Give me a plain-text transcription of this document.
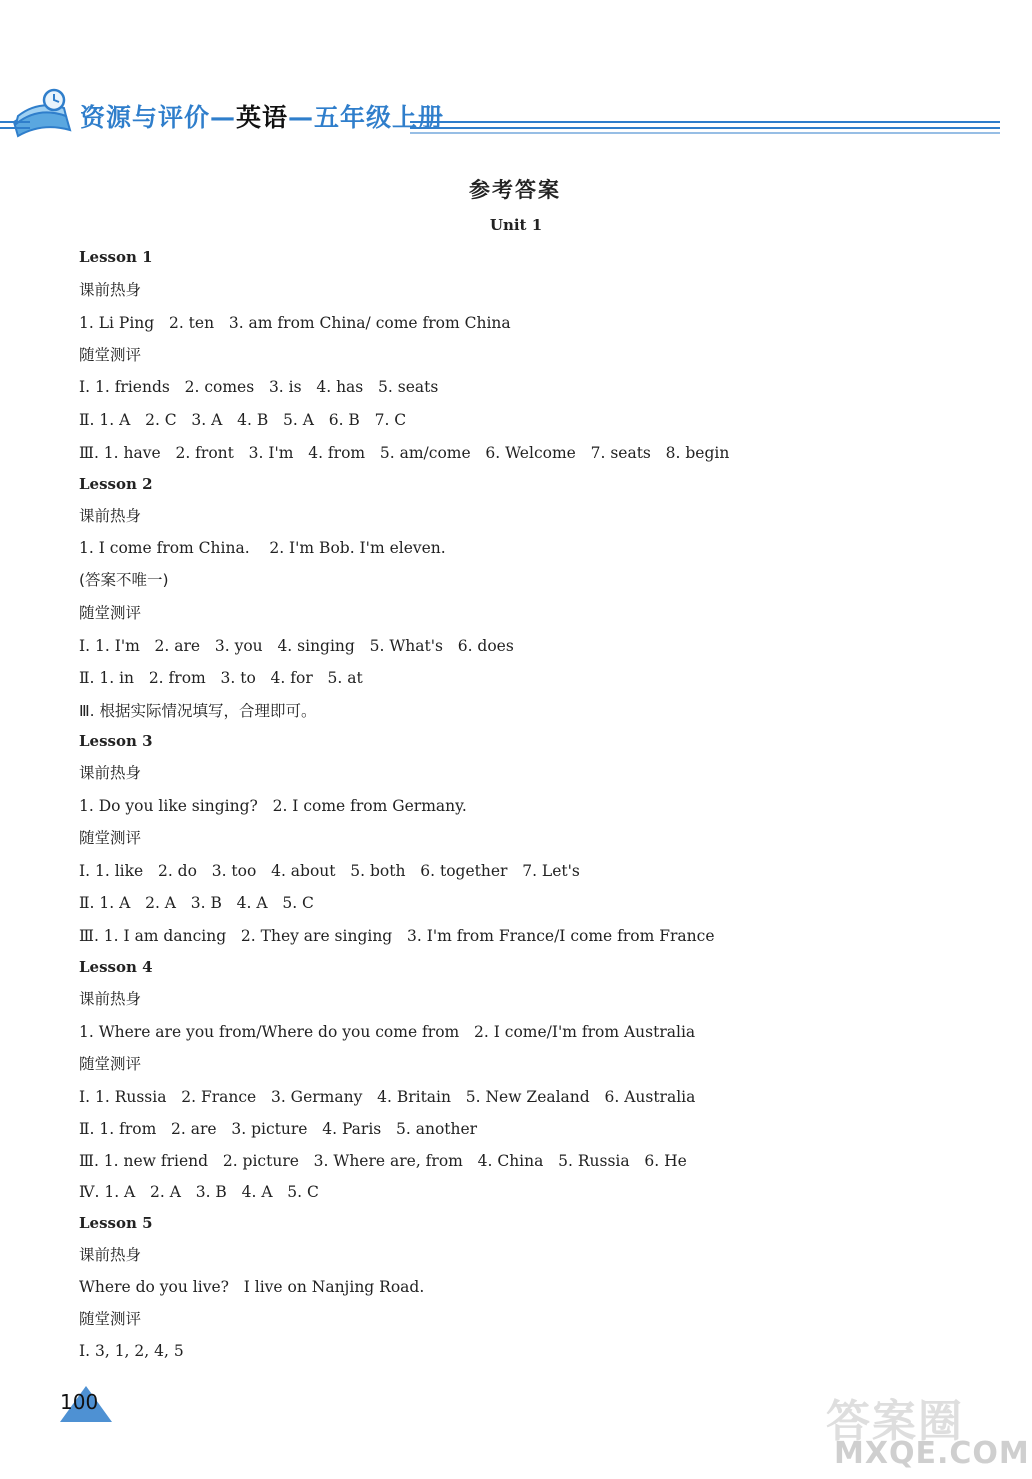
资源与评价—英语—五年级上册
参考答案
Unit 1
Lesson 1
课前热身
1. Li Ping   2. ten   3. am from China/ come from China
随堂测评
Ⅰ. 1. friends   2. comes   3. is   4. has   5. seats
Ⅱ. 1. A   2. C   3. A   4. B   5. A   6. B   7. C
Ⅲ. 1. have   2. front   3. I'm   4. from   5. am/come   6. Welcome   7. seats   8. begin
Lesson 2
课前热身
1. I come from China.    2. I'm Bob. I'm eleven.
(答案不唯一)
随堂测评
Ⅰ. 1. I'm   2. are   3. you   4. singing   5. What's   6. does
Ⅱ. 1. in   2. from   3. to   4. for   5. at
Ⅲ. 根据实际情况填写，合理即可。
Lesson 3
课前热身
1. Do you like singing?   2. I come from Germany.
随堂测评
Ⅰ. 1. like   2. do   3. too   4. about   5. both   6. together   7. Let's
Ⅱ. 1. A   2. A   3. B   4. A   5. C
Ⅲ. 1. I am dancing   2. They are singing   3. I'm from France/I come from France
Lesson 4
课前热身
1. Where are you from/Where do you come from   2. I come/I'm from Australia
随堂测评
Ⅰ. 1. Russia   2. France   3. Germany   4. Britain   5. New Zealand   6. Australia
Ⅱ. 1. from   2. are   3. picture   4. Paris   5. another
Ⅲ. 1. new friend   2. picture   3. Where are, from   4. China   5. Russia   6. He
Ⅳ. 1. A   2. A   3. B   4. A   5. C
Lesson 5
课前热身
Where do you live?   I live on Nanjing Road.
随堂测评
Ⅰ. 3, 1, 2, 4, 5
100	答案圈
MXQE.COM
